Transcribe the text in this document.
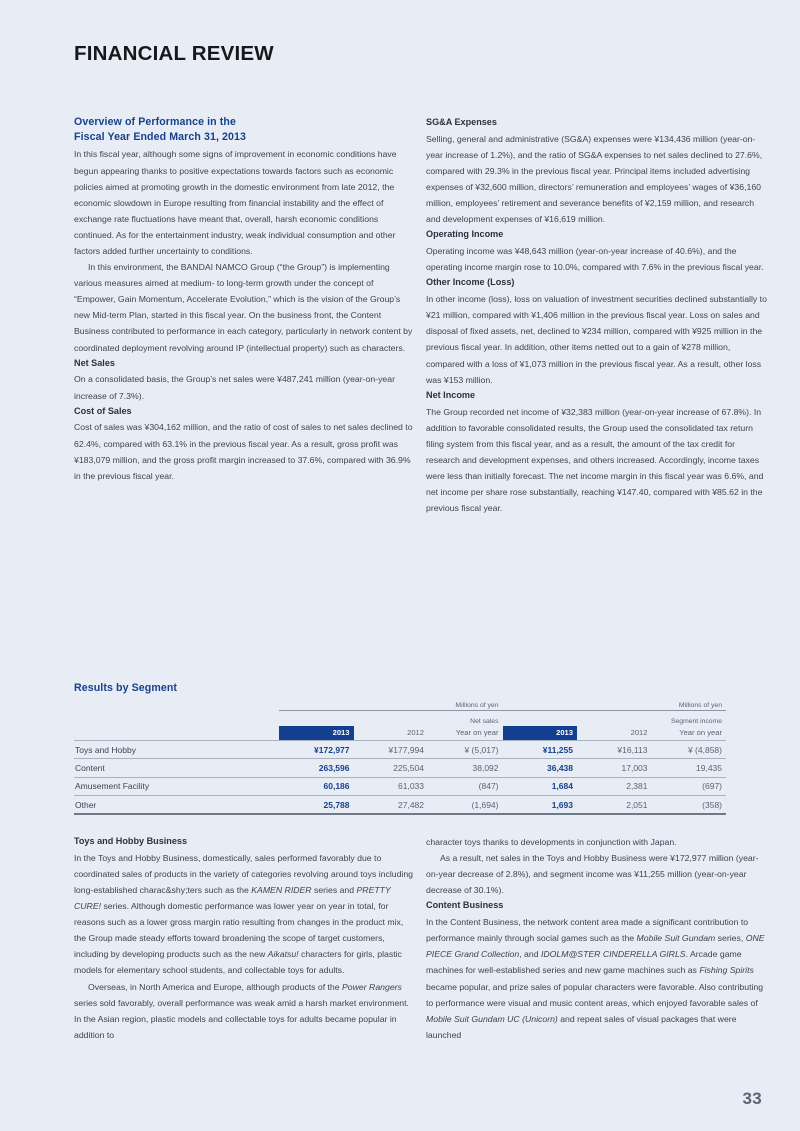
FINANCIAL REVIEW
Overview of Performance in the
Fiscal Year Ended March 31, 2013

In this fiscal year, although some signs of improvement in economic conditions have begun appearing thanks to positive expectations towards factors such as economic policies aimed at promoting growth in the domestic environment from late 2012, the economic slowdown in Europe resulting from financial instability and the effect of exchange rate fluctuations have meant that, overall, harsh economic conditions continued. As for the entertainment industry, weak individual consumption and other factors added further uncertainty to conditions.

In this environment, the BANDAI NAMCO Group (“the Group”) is implementing various measures aimed at medium- to long-term growth under the concept of “Empower, Gain Momentum, Accelerate Evolution,” which is the vision of the Group’s new Mid-term Plan, started in this fiscal year. On the business front, the Content Business contributed to performance in each category, particularly in network content by coordinated deployment revolving around IP (intellectual property) such as characters.

Net Sales

On a consolidated basis, the Group’s net sales were ¥487,241 million (year-on-year increase of 7.3%).

Cost of Sales

Cost of sales was ¥304,162 million, and the ratio of cost of sales to net sales declined to 62.4%, compared with 63.1% in the previous fiscal year. As a result, gross profit was ¥183,079 million, and the gross profit margin increased to 37.6%, compared with 36.9% in the previous fiscal year.

SG&A Expenses

Selling, general and administrative (SG&A) expenses were ¥134,436 million (year-on-year increase of 1.2%), and the ratio of SG&A expenses to net sales declined to 27.6%, compared with 29.3% in the previous fiscal year. Principal items included advertising expenses of ¥32,600 million, directors’ remuneration and employees’ wages of ¥36,160 million, employees’ retirement and severance benefits of ¥2,159 million, and research and development expenses of ¥16,619 million.

Operating Income

Operating income was ¥48,643 million (year-on-year increase of 40.6%), and the operating income margin rose to 10.0%, compared with 7.6% in the previous fiscal year.

Other Income (Loss)

In other income (loss), loss on valuation of investment securities declined substantially to ¥21 million, compared with ¥1,406 million in the previous fiscal year. Loss on sales and disposal of fixed assets, net, declined to ¥234 million, compared with ¥925 million in the previous fiscal year. In addition, other items netted out to a gain of ¥278 million, compared with a loss of ¥1,073 million in the previous fiscal year. As a result, other loss was ¥153 million.

Net Income

The Group recorded net income of ¥32,383 million (year-on-year increase of 67.8%). In addition to favorable consolidated results, the Group used the consolidated tax return filing system from this fiscal year, and as a result, the amount of the tax credit for research and development expenses, and others increased. Accordingly, income taxes were less than initially forecast. The net income margin in this fiscal year was 6.6%, and net income per share rose substantially, reaching ¥147.40, compared with ¥85.62 in the previous fiscal year.

Results by Segment
			Millions of yen			Millions of yen

			Net sales			Segment income
	2013	2012	Year on year	2013	2012	Year on year
Toys and Hobby	¥172,977	¥177,994	¥ (5,017)	¥11,255	¥16,113	¥ (4,858)
Content	263,596	225,504	38,092	36,438	17,003	19,435
Amusement Facility	60,186	61,033	(847)	1,684	2,381	(697)
Other	25,788	27,482	(1,694)	1,693	2,051	(358)
Toys and Hobby Business

In the Toys and Hobby Business, domestically, sales performed favorably due to coordinated sales of products in the variety of categories revolving around toys including long-established charac&shy;ters such as the KAMEN RIDER series and PRETTY CURE! series. Although domestic performance was lower year on year in total, for reasons such as a lower gross margin ratio resulting from changes in the product mix, the Group made steady efforts toward broadening the scope of target customers, including by developing products such as the new Aikatsu! characters for girls, plastic models for elementary school students, and collectable toys for adults.

Overseas, in North America and Europe, although products of the Power Rangers series sold favorably, overall performance was weak amid a harsh market environment. In the Asian region, plastic models and collectable toys for adults became popular in addition to

character toys thanks to developments in conjunction with Japan.

As a result, net sales in the Toys and Hobby Business were ¥172,977 million (year-on-year decrease of 2.8%), and segment income was ¥11,255 million (year-on-year decrease of 30.1%).

Content Business

In the Content Business, the network content area made a significant contribution to performance mainly through social games such as the Mobile Suit Gundam series, ONE PIECE Grand Collection, and IDOLM@STER CINDERELLA GIRLS. Arcade game machines for well-established series and new game machines such as Fishing Spirits became popular, and prize sales of popular characters were favorable. Also contributing to performance were visual and music content areas, which enjoyed favorable sales of Mobile Suit Gundam UC (Unicorn) and repeat sales of visual packages that were launched

33
